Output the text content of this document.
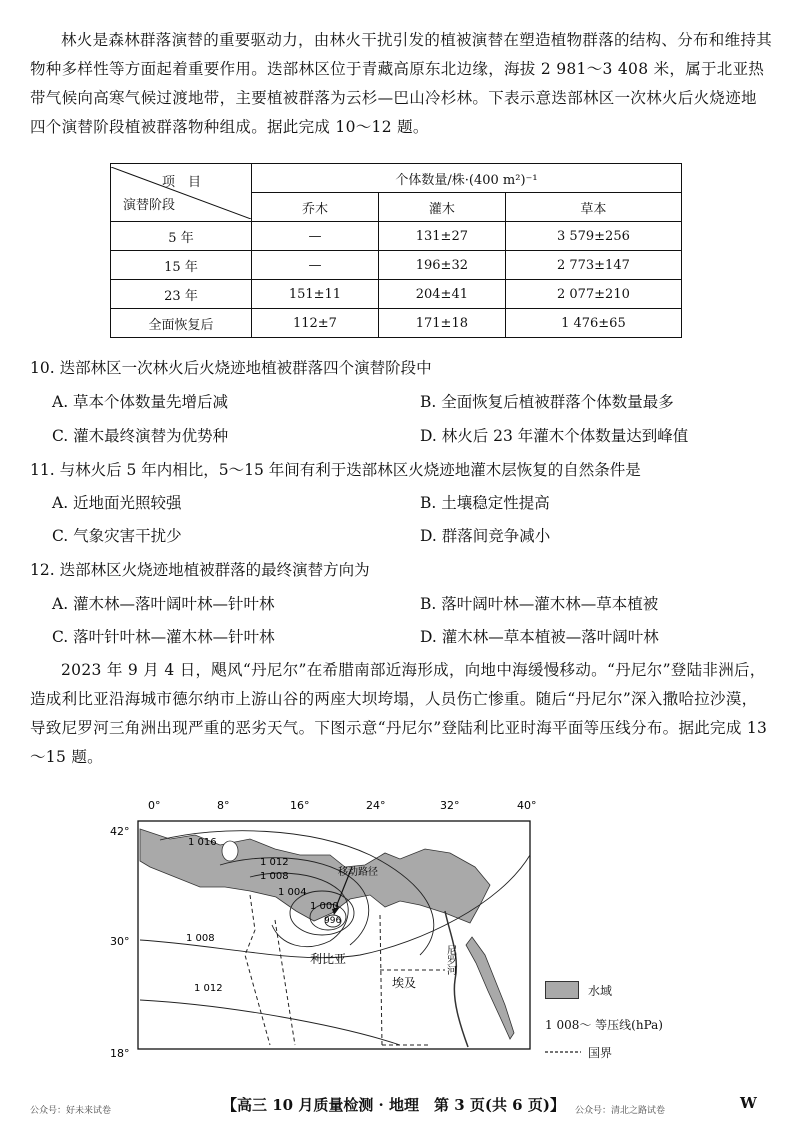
林火是森林群落演替的重要驱动力，由林火干扰引发的植被演替在塑造植物群落的结构、分布和维持其物种多样性等方面起着重要作用。迭部林区位于青藏高原东北边缘，海拔 2 981～3 408 米，属于北亚热带气候向高寒气候过渡地带，主要植被群落为云杉—巴山冷杉林。下表示意迭部林区一次林火后火烧迹地四个演替阶段植被群落物种组成。据此完成 10～12 题。
项　目
演替阶段	个体数量/株·(400 m²)⁻¹		
	乔木	灌木	草本
5 年	—	131±27	3 579±256
15 年	—	196±32	2 773±147
23 年	151±11	204±41	2 077±210
全面恢复后	112±7	171±18	1 476±65
10. 迭部林区一次林火后火烧迹地植被群落四个演替阶段中
A. 草本个体数量先增后减	B. 全面恢复后植被群落个体数量最多
C. 灌木最终演替为优势种	D. 林火后 23 年灌木个体数量达到峰值
11. 与林火后 5 年内相比，5～15 年间有利于迭部林区火烧迹地灌木层恢复的自然条件是
A. 近地面光照较强	B. 土壤稳定性提高
C. 气象灾害干扰少	D. 群落间竞争减小
12. 迭部林区火烧迹地植被群落的最终演替方向为
A. 灌木林—落叶阔叶林—针叶林	B. 落叶阔叶林—灌木林—草本植被
C. 落叶针叶林—灌木林—针叶林	D. 灌木林—草本植被—落叶阔叶林
2023 年 9 月 4 日，飓风“丹尼尔”在希腊南部近海形成，向地中海缓慢移动。“丹尼尔”登陆非洲后，造成利比亚沿海城市德尔纳市上游山谷的两座大坝垮塌，人员伤亡惨重。随后“丹尼尔”深入撒哈拉沙漠，导致尼罗河三角洲出现严重的恶劣天气。下图示意“丹尼尔”登陆利比亚时海平面等压线分布。据此完成 13～15 题。
0°	8°	16°	24°	32°	40°
42°
30°
18°
1 016
1 012
1 008
1 004
1 000
996
1 008
1 012
利比亚
埃及
尼罗河
移动路径
水域
1 008～ 等压线(hPa)
国界
公众号：好未来试卷	【高三 10 月质量检测 · 地理　第 3 页(共 6 页)】 公众号：清北之路试卷	W
